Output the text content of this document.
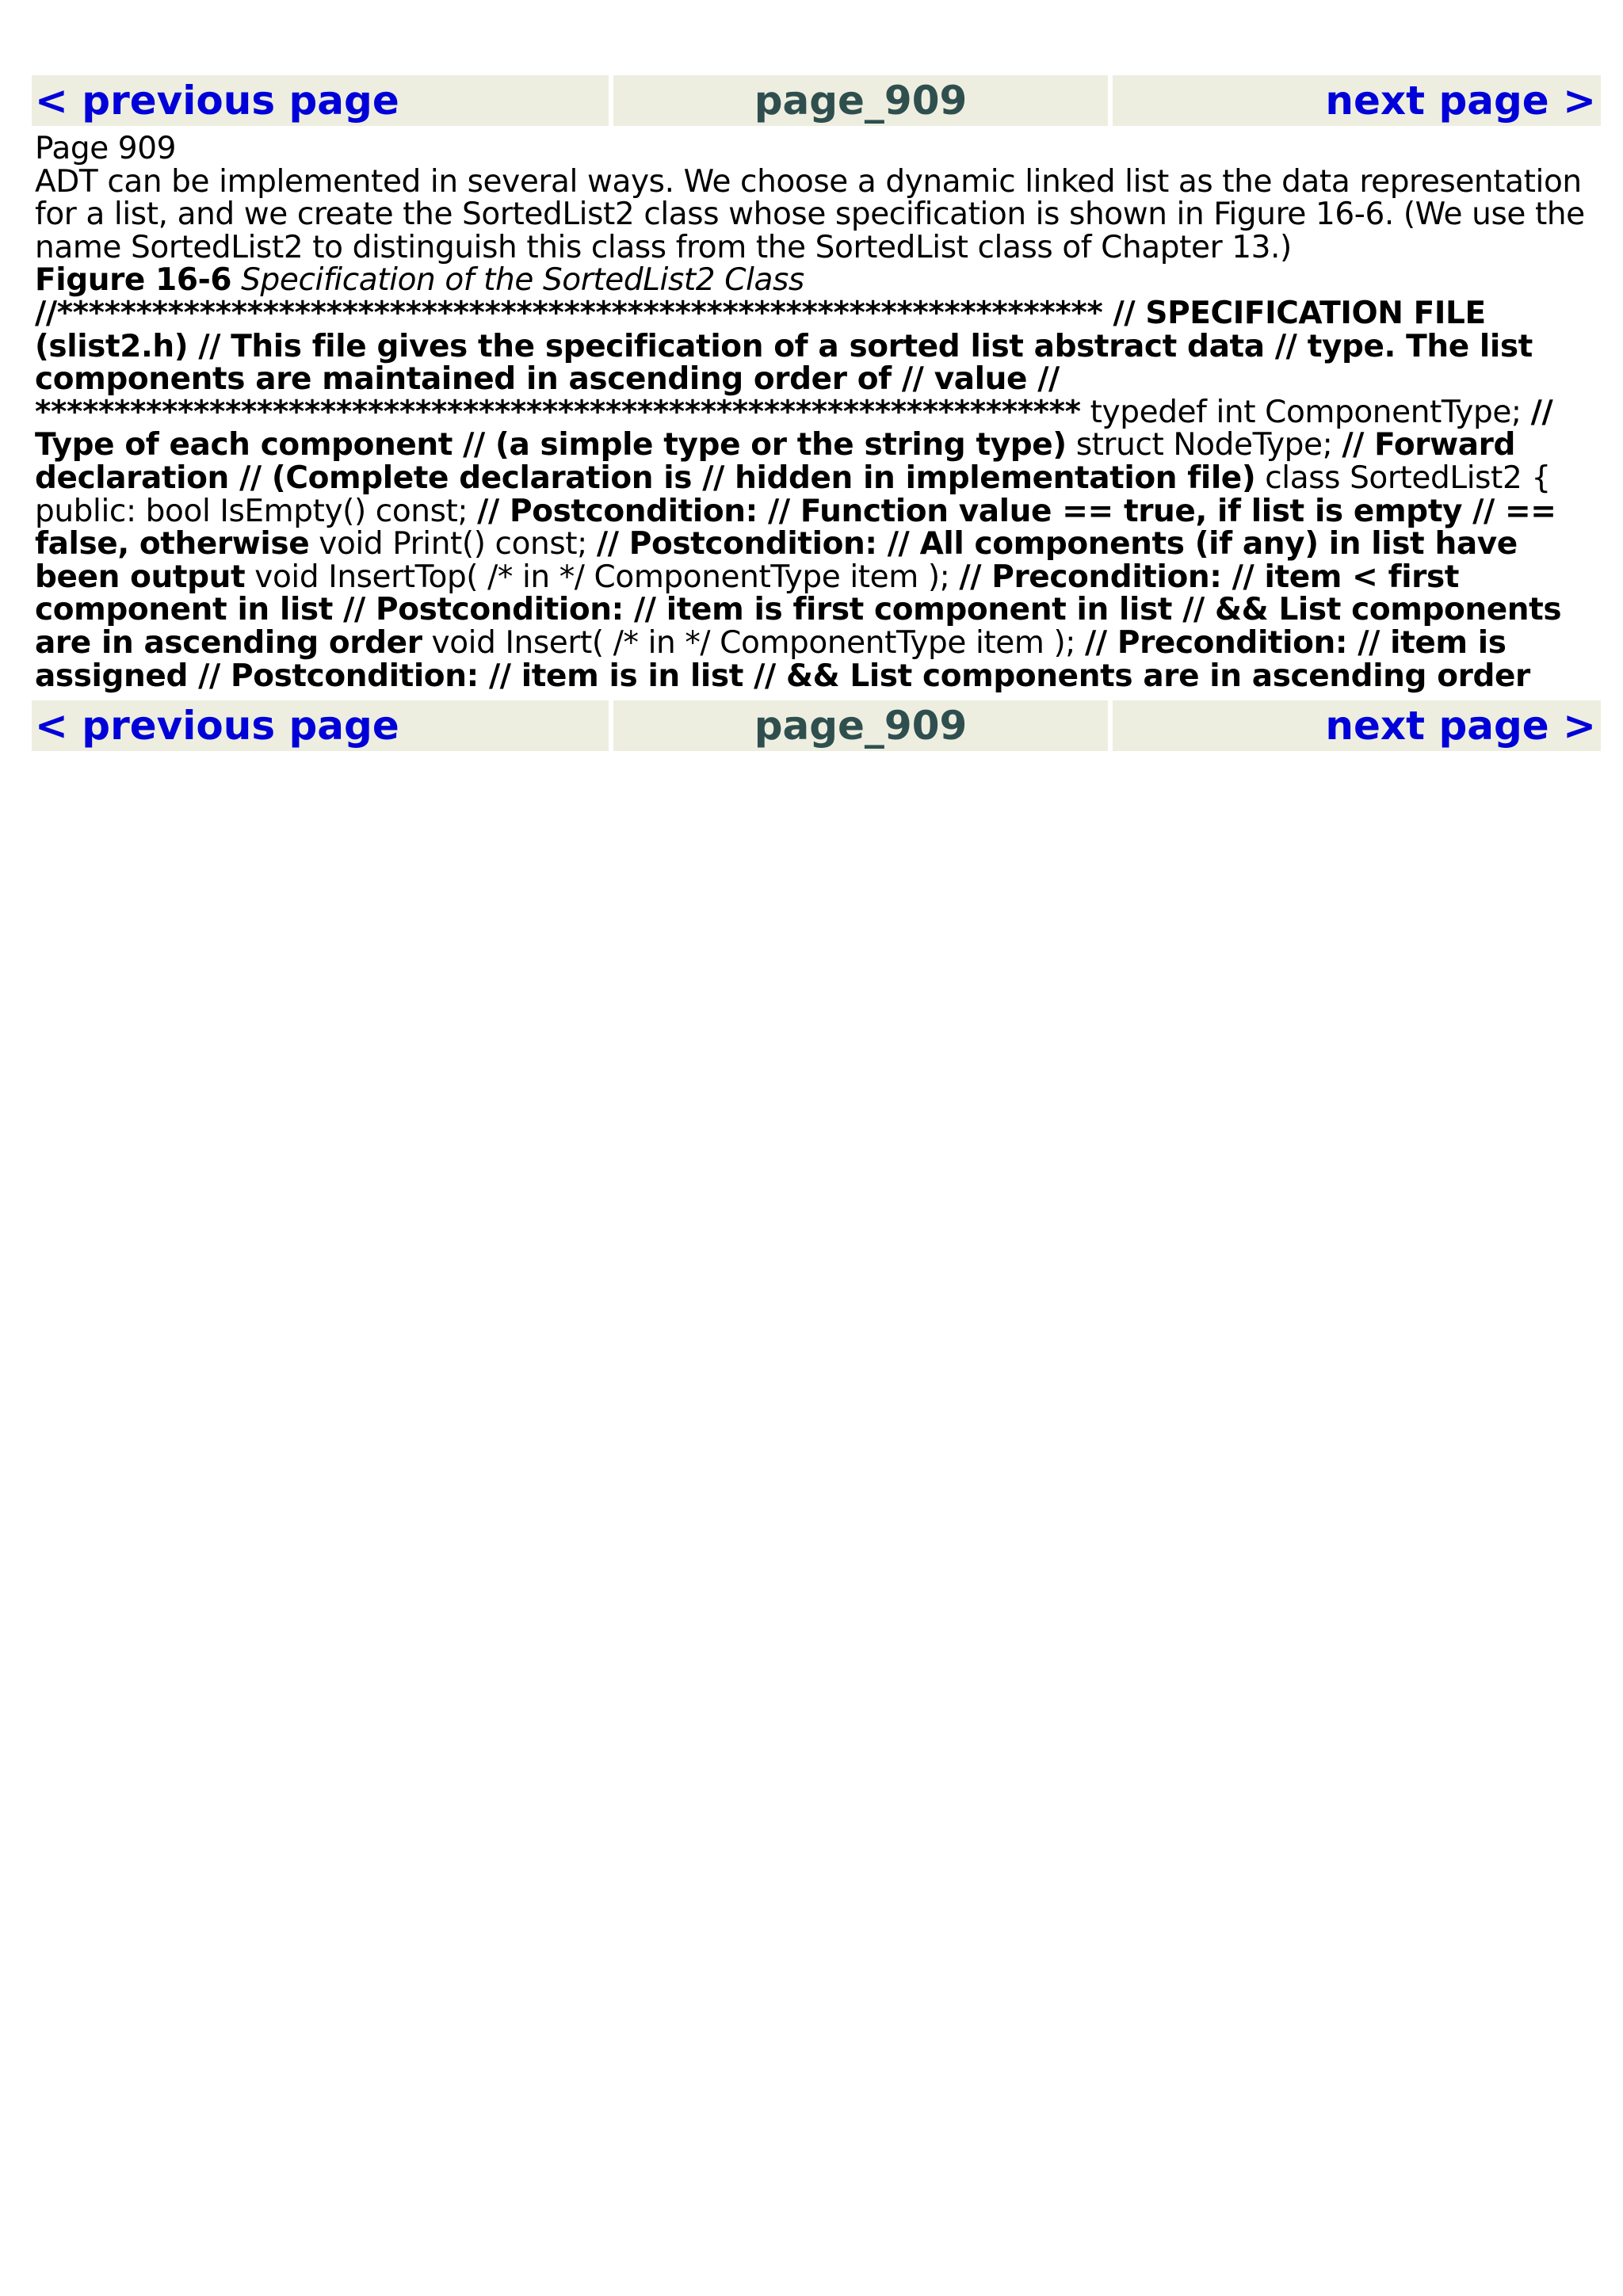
< previous page	page_909	next page >

Page 909

ADT can be implemented in several ways. We choose a dynamic linked list as the data representation for a list, and we create the SortedList2 class whose specification is shown in Figure 16-6. (We use the name SortedList2 to distinguish this class from the SortedList class of Chapter 13.)

Figure 16-6 Specification of the SortedList2 Class

//****************************************************************** // SPECIFICATION FILE (slist2.h) // This file gives the specification of a sorted list abstract data // type. The list components are maintained in ascending order of // value // ****************************************************************** typedef int ComponentType; // Type of each component // (a simple type or the string type) struct NodeType; // Forward declaration // (Complete declaration is // hidden in implementation file) class SortedList2 { public: bool IsEmpty() const; // Postcondition: // Function value == true, if list is empty // == false, otherwise void Print() const; // Postcondition: // All components (if any) in list have been output void InsertTop( /* in */ ComponentType item ); // Precondition: // item < first component in list // Postcondition: // item is first component in list // && List components are in ascending order void Insert( /* in */ ComponentType item ); // Precondition: // item is assigned // Postcondition: // item is in list // && List components are in ascending order

< previous page	page_909	next page >
